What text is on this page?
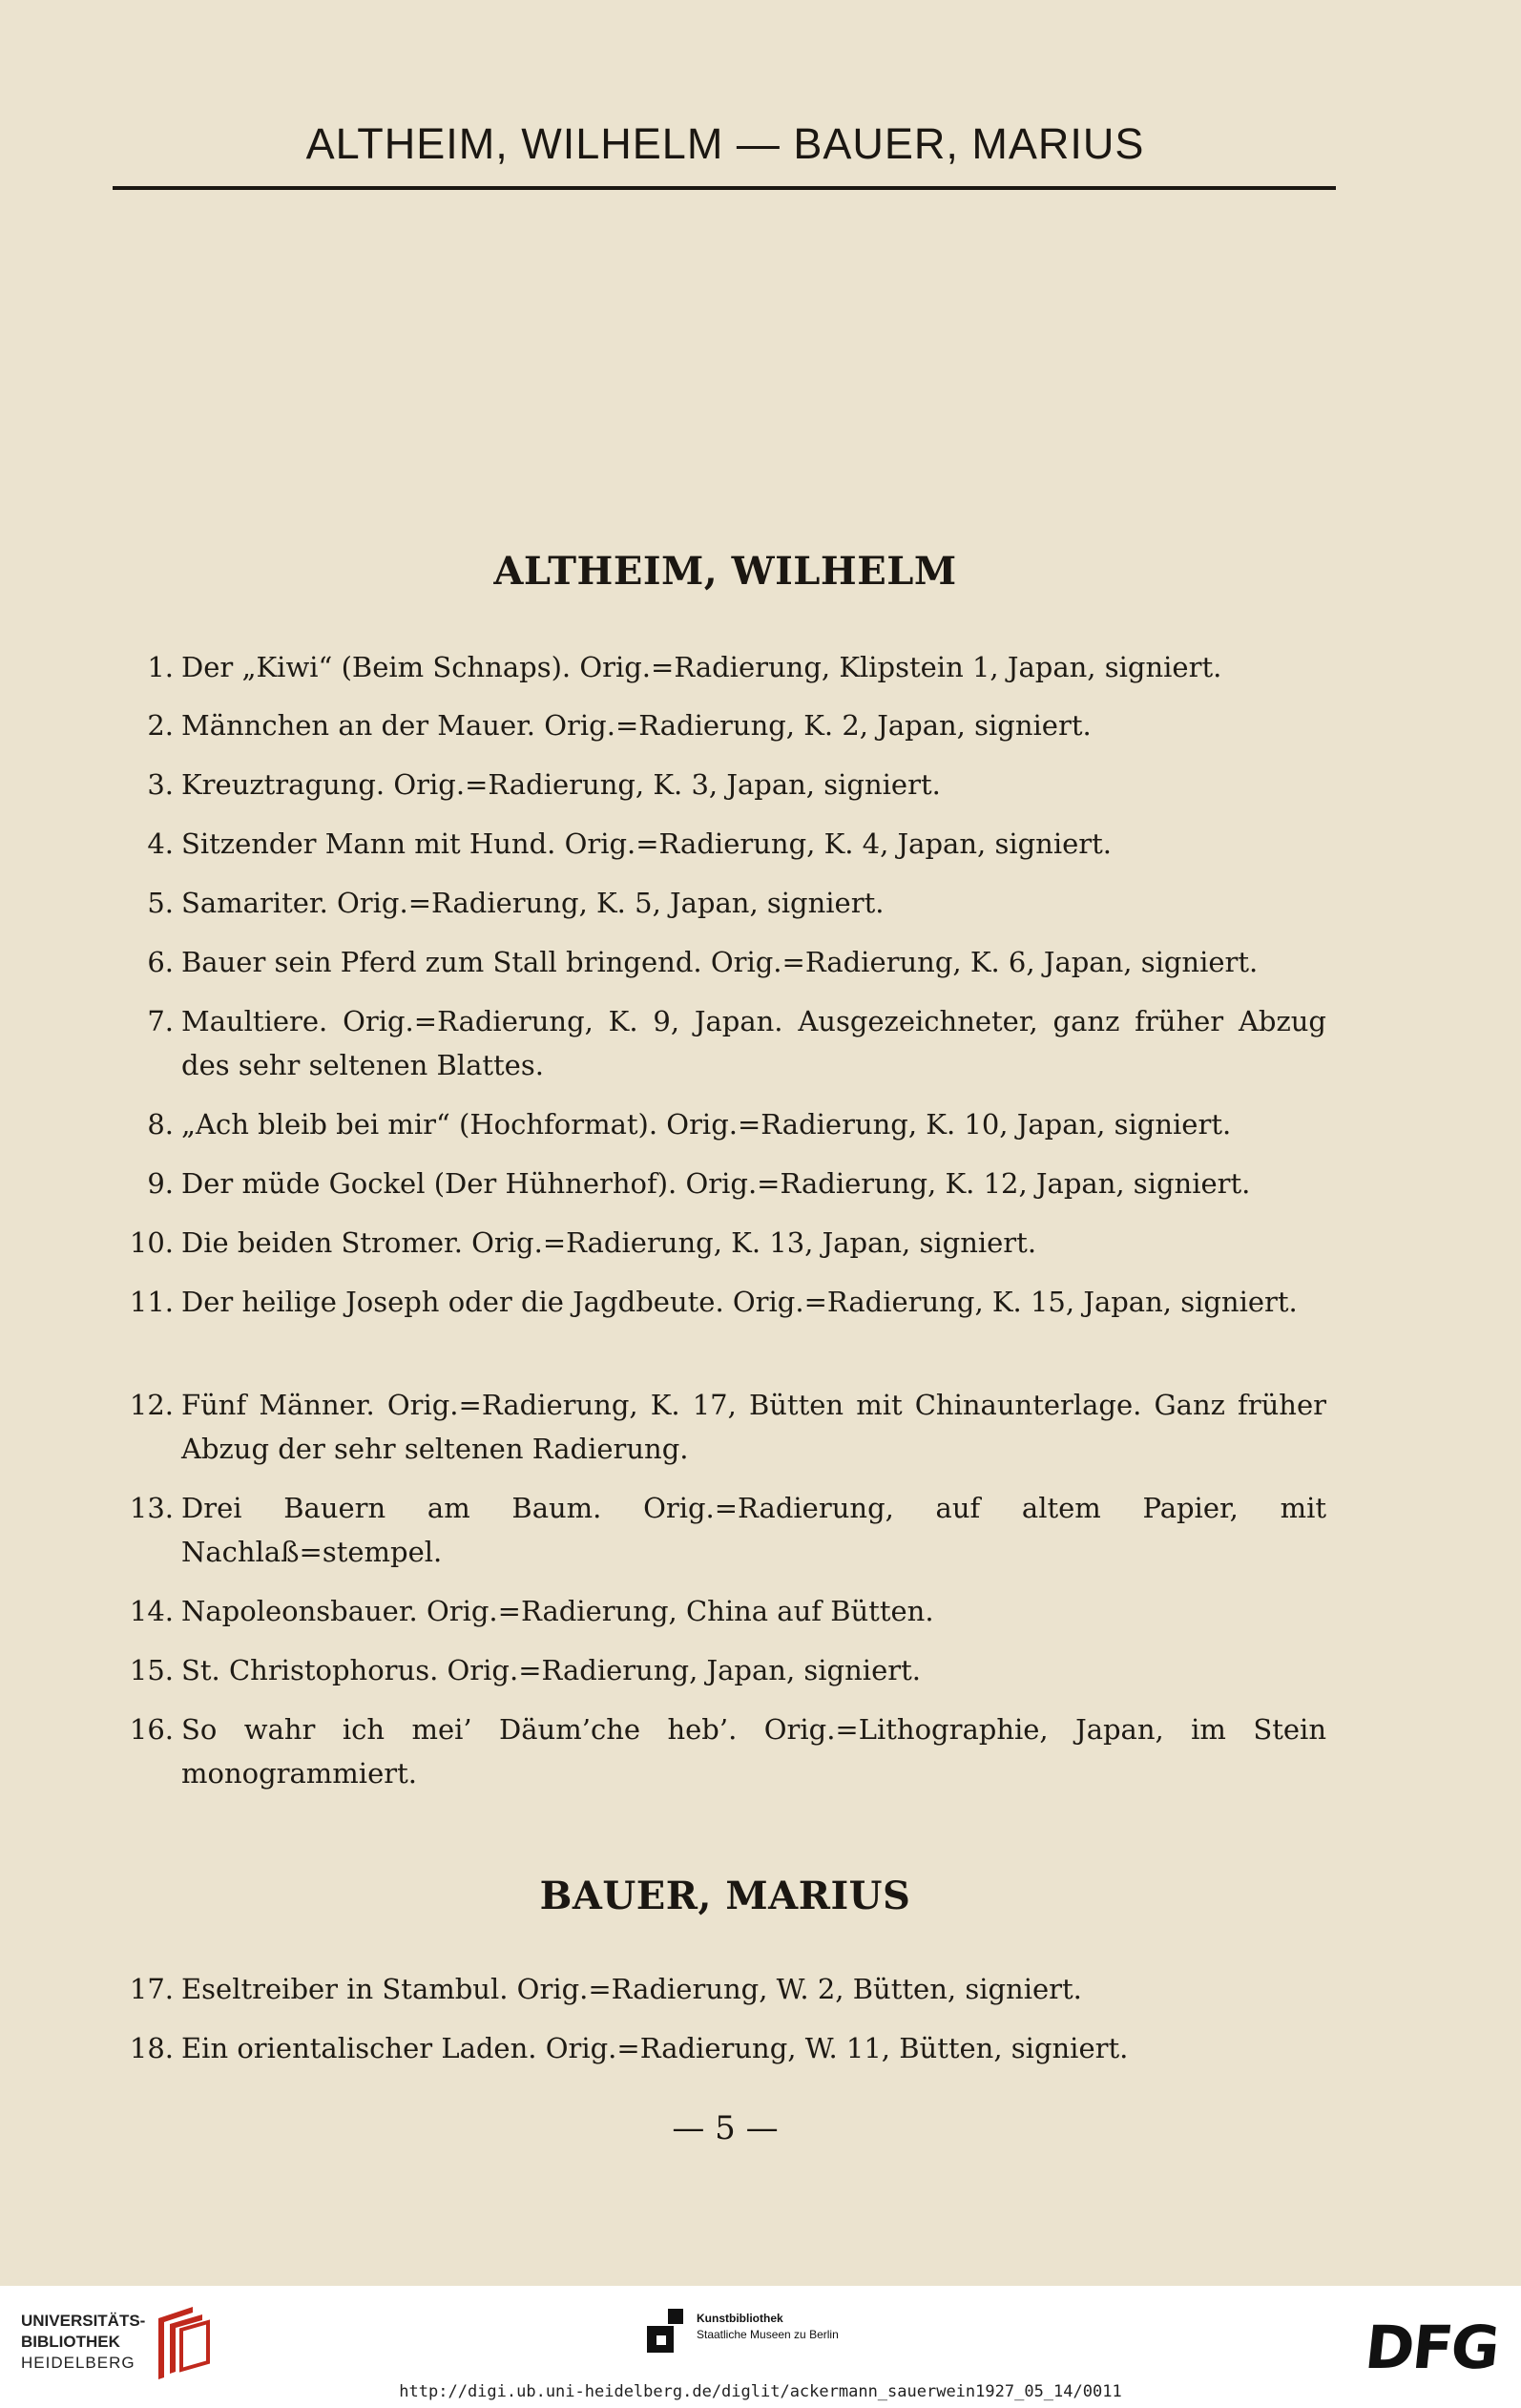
ALTHEIM, WILHELM — BAUER, MARIUS
ALTHEIM, WILHELM
1. Der „Kiwi“ (Beim Schnaps). Orig.=Radierung, Klipstein 1, Japan, signiert.
2. Männchen an der Mauer. Orig.=Radierung, K. 2, Japan, signiert.
3. Kreuztragung. Orig.=Radierung, K. 3, Japan, signiert.
4. Sitzender Mann mit Hund. Orig.=Radierung, K. 4, Japan, signiert.
5. Samariter. Orig.=Radierung, K. 5, Japan, signiert.
6. Bauer sein Pferd zum Stall bringend. Orig.=Radierung, K. 6, Japan, signiert.
7. Maultiere. Orig.=Radierung, K. 9, Japan. Ausgezeichneter, ganz früher Abzug des sehr seltenen Blattes.
8. „Ach bleib bei mir“ (Hochformat). Orig.=Radierung, K. 10, Japan, signiert.
9. Der müde Gockel (Der Hühnerhof). Orig.=Radierung, K. 12, Japan, signiert.
10. Die beiden Stromer. Orig.=Radierung, K. 13, Japan, signiert.
11. Der heilige Joseph oder die Jagdbeute. Orig.=Radierung, K. 15, Japan, signiert.
12. Fünf Männer. Orig.=Radierung, K. 17, Bütten mit Chinaunterlage. Ganz früher Abzug der sehr seltenen Radierung.
13. Drei Bauern am Baum. Orig.=Radierung, auf altem Papier, mit Nachlaß=stempel.
14. Napoleonsbauer. Orig.=Radierung, China auf Bütten.
15. St. Christophorus. Orig.=Radierung, Japan, signiert.
16. So wahr ich mei’ Däum’che heb’. Orig.=Lithographie, Japan, im Stein monogrammiert.
BAUER, MARIUS
17. Eseltreiber in Stambul. Orig.=Radierung, W. 2, Bütten, signiert.
18. Ein orientalischer Laden. Orig.=Radierung, W. 11, Bütten, signiert.
— 5 —
UNIVERSITÄTS-
BIBLIOTHEK
HEIDELBERG
Kunstbibliothek
Staatliche Museen zu Berlin	DFG
http://digi.ub.uni-heidelberg.de/diglit/ackermann_sauerwein1927_05_14/0011
